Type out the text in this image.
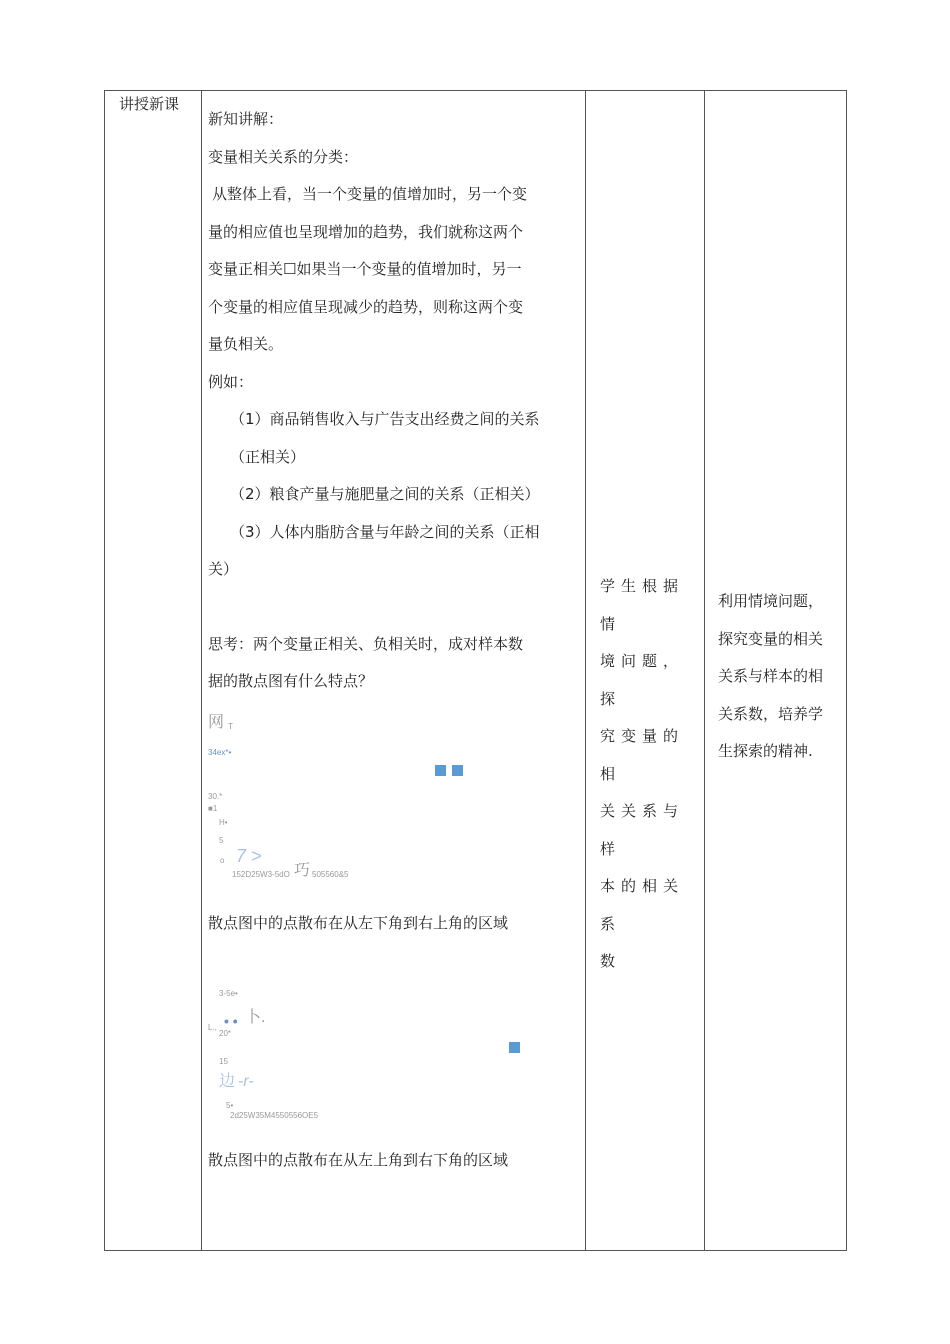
讲授新课

新知讲解：

变量相关关系的分类：

从整体上看，当一个变量的值增加时，另一个变

量的相应值也呈现增加的趋势，我们就称这两个

变量正相关☐如果当一个变量的值增加时，另一

个变量的相应值呈现减少的趋势，则称这两个变

量负相关。

例如：

（1）商品销售收入与广告支出经费之间的关系

（正相关）

（2）粮食产量与施肥量之间的关系（正相关）

（3）人体内脂肪含量与年龄之间的关系（正相

关）

思考：两个变量正相关、负相关时，成对样本数

据的散点图有什么特点？

网 T
34ex*•
30.*
■1
H•
5
o 7 >
152D25W3-5dO 巧 505560&5

散点图中的点散布在从左下角到右上角的区域

3-5e•
L., • • 卜.
20*
15
边 -r-
5•
2d25W35M4550556OE5

散点图中的点散布在从左上角到右下角的区域

学生根据情

境问题，探

究变量的相

关关系与样

本的相关系

数

利用情境问题，
探究变量的相关
关系与样本的相
关系数，培养学
生探索的精神.
